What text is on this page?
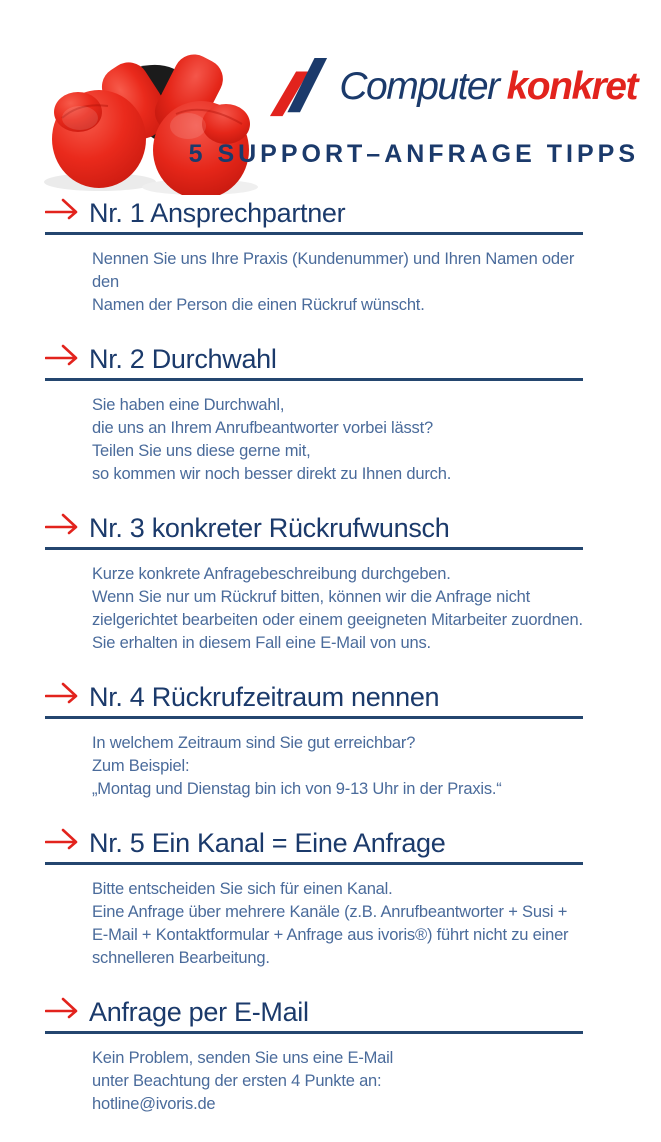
Computer konkret
5 SUPPORT–ANFRAGE TIPPS
Nr. 1 Ansprechpartner
Nennen Sie uns Ihre Praxis (Kundenummer) und Ihren Namen oder den
Namen der Person die einen Rückruf wünscht.
Nr. 2 Durchwahl
Sie haben eine Durchwahl,
die uns an Ihrem Anrufbeantworter vorbei lässt?
Teilen Sie uns diese gerne mit,
so kommen wir noch besser direkt zu Ihnen durch.
Nr. 3 konkreter Rückrufwunsch
Kurze konkrete Anfragebeschreibung durchgeben.
Wenn Sie nur um Rückruf bitten, können wir die Anfrage nicht
zielgerichtet bearbeiten oder einem geeigneten Mitarbeiter zuordnen.
Sie erhalten in diesem Fall eine E-Mail von uns.
Nr. 4 Rückrufzeitraum nennen
In welchem Zeitraum sind Sie gut erreichbar?
Zum Beispiel:
„Montag und Dienstag bin ich von 9-13 Uhr in der Praxis.“
Nr. 5 Ein Kanal = Eine Anfrage
Bitte entscheiden Sie sich für einen Kanal.
Eine Anfrage über mehrere Kanäle (z.B. Anrufbeantworter + Susi +
E-Mail + Kontaktformular + Anfrage aus ivoris®) führt nicht zu einer
schnelleren Bearbeitung.
Anfrage per E-Mail
Kein Problem, senden Sie uns eine E-Mail
unter Beachtung der ersten 4 Punkte an:
hotline@ivoris.de
